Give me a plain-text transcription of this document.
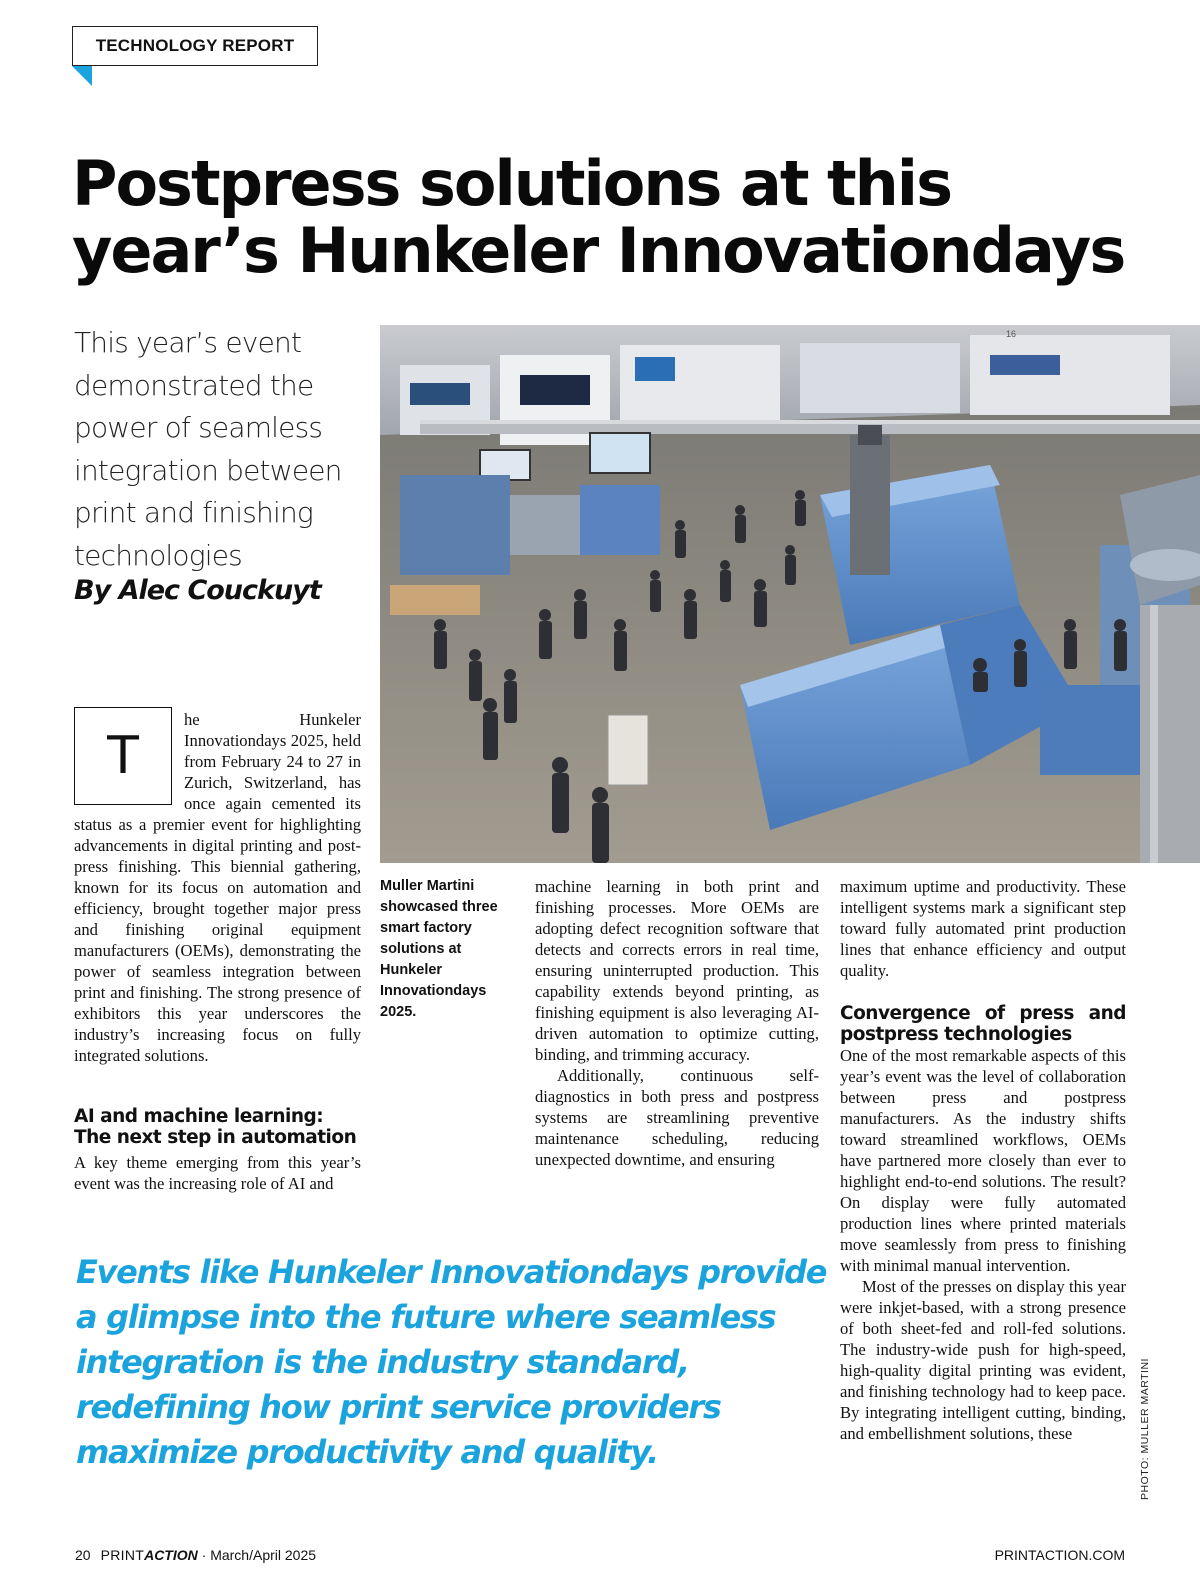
TECHNOLOGY REPORT
Postpress solutions at this year’s Hunkeler Innovationdays

This year’s event demonstrated the power of seamless integration between print and finishing technologies

By Alec Couckuyt
16
Muller Martini showcased three smart factory solutions at Hunkeler Innovationdays 2025.
PHOTO: MULLER MARTINI
T

he Hunkeler Innovationdays 2025, held from February 24 to 27 in Zurich, Switzerland, has once again cemented its status as a premier event for highlighting advancements in digital printing and post-press finishing. This biennial gathering, known for its focus on automation and efficiency, brought together major press and finishing original equipment manufacturers (OEMs), demonstrating the power of seamless integration between print and finishing. The strong presence of exhibitors this year underscores the industry’s increasing focus on fully integrated solutions.

AI and machine learning: The next step in automation

A key theme emerging from this year’s event was the increasing role of AI and

machine learning in both print and finishing processes. More OEMs are adopting defect recognition software that detects and corrects errors in real time, ensuring uninterrupted production. This capability extends beyond printing, as finishing equipment is also leveraging AI-driven automation to optimize cutting, binding, and trimming accuracy.

Additionally, continuous self-diagnostics in both press and postpress systems are streamlining preventive maintenance scheduling, reducing unexpected downtime, and ensuring

maximum uptime and productivity. These intelligent systems mark a significant step toward fully automated print production lines that enhance efficiency and output quality.

Convergence of press and postpress technologies

One of the most remarkable aspects of this year’s event was the level of collaboration between press and postpress manufacturers. As the industry shifts toward streamlined workflows, OEMs have partnered more closely than ever to highlight end-to-end solutions. The result? On display were fully automated production lines where printed materials move seamlessly from press to finishing with minimal manual intervention.

Most of the presses on display this year were inkjet-based, with a strong presence of both sheet-fed and roll-fed solutions. The industry-wide push for high-speed, high-quality digital printing was evident, and finishing technology had to keep pace. By integrating intelligent cutting, binding, and embellishment solutions, these

Events like Hunkeler Innovationdays provide a glimpse into the future where seamless integration is the industry standard, redefining how print service providers maximize productivity and quality.

20 PRINTACTION · March/April 2025	PRINTACTION.COM
